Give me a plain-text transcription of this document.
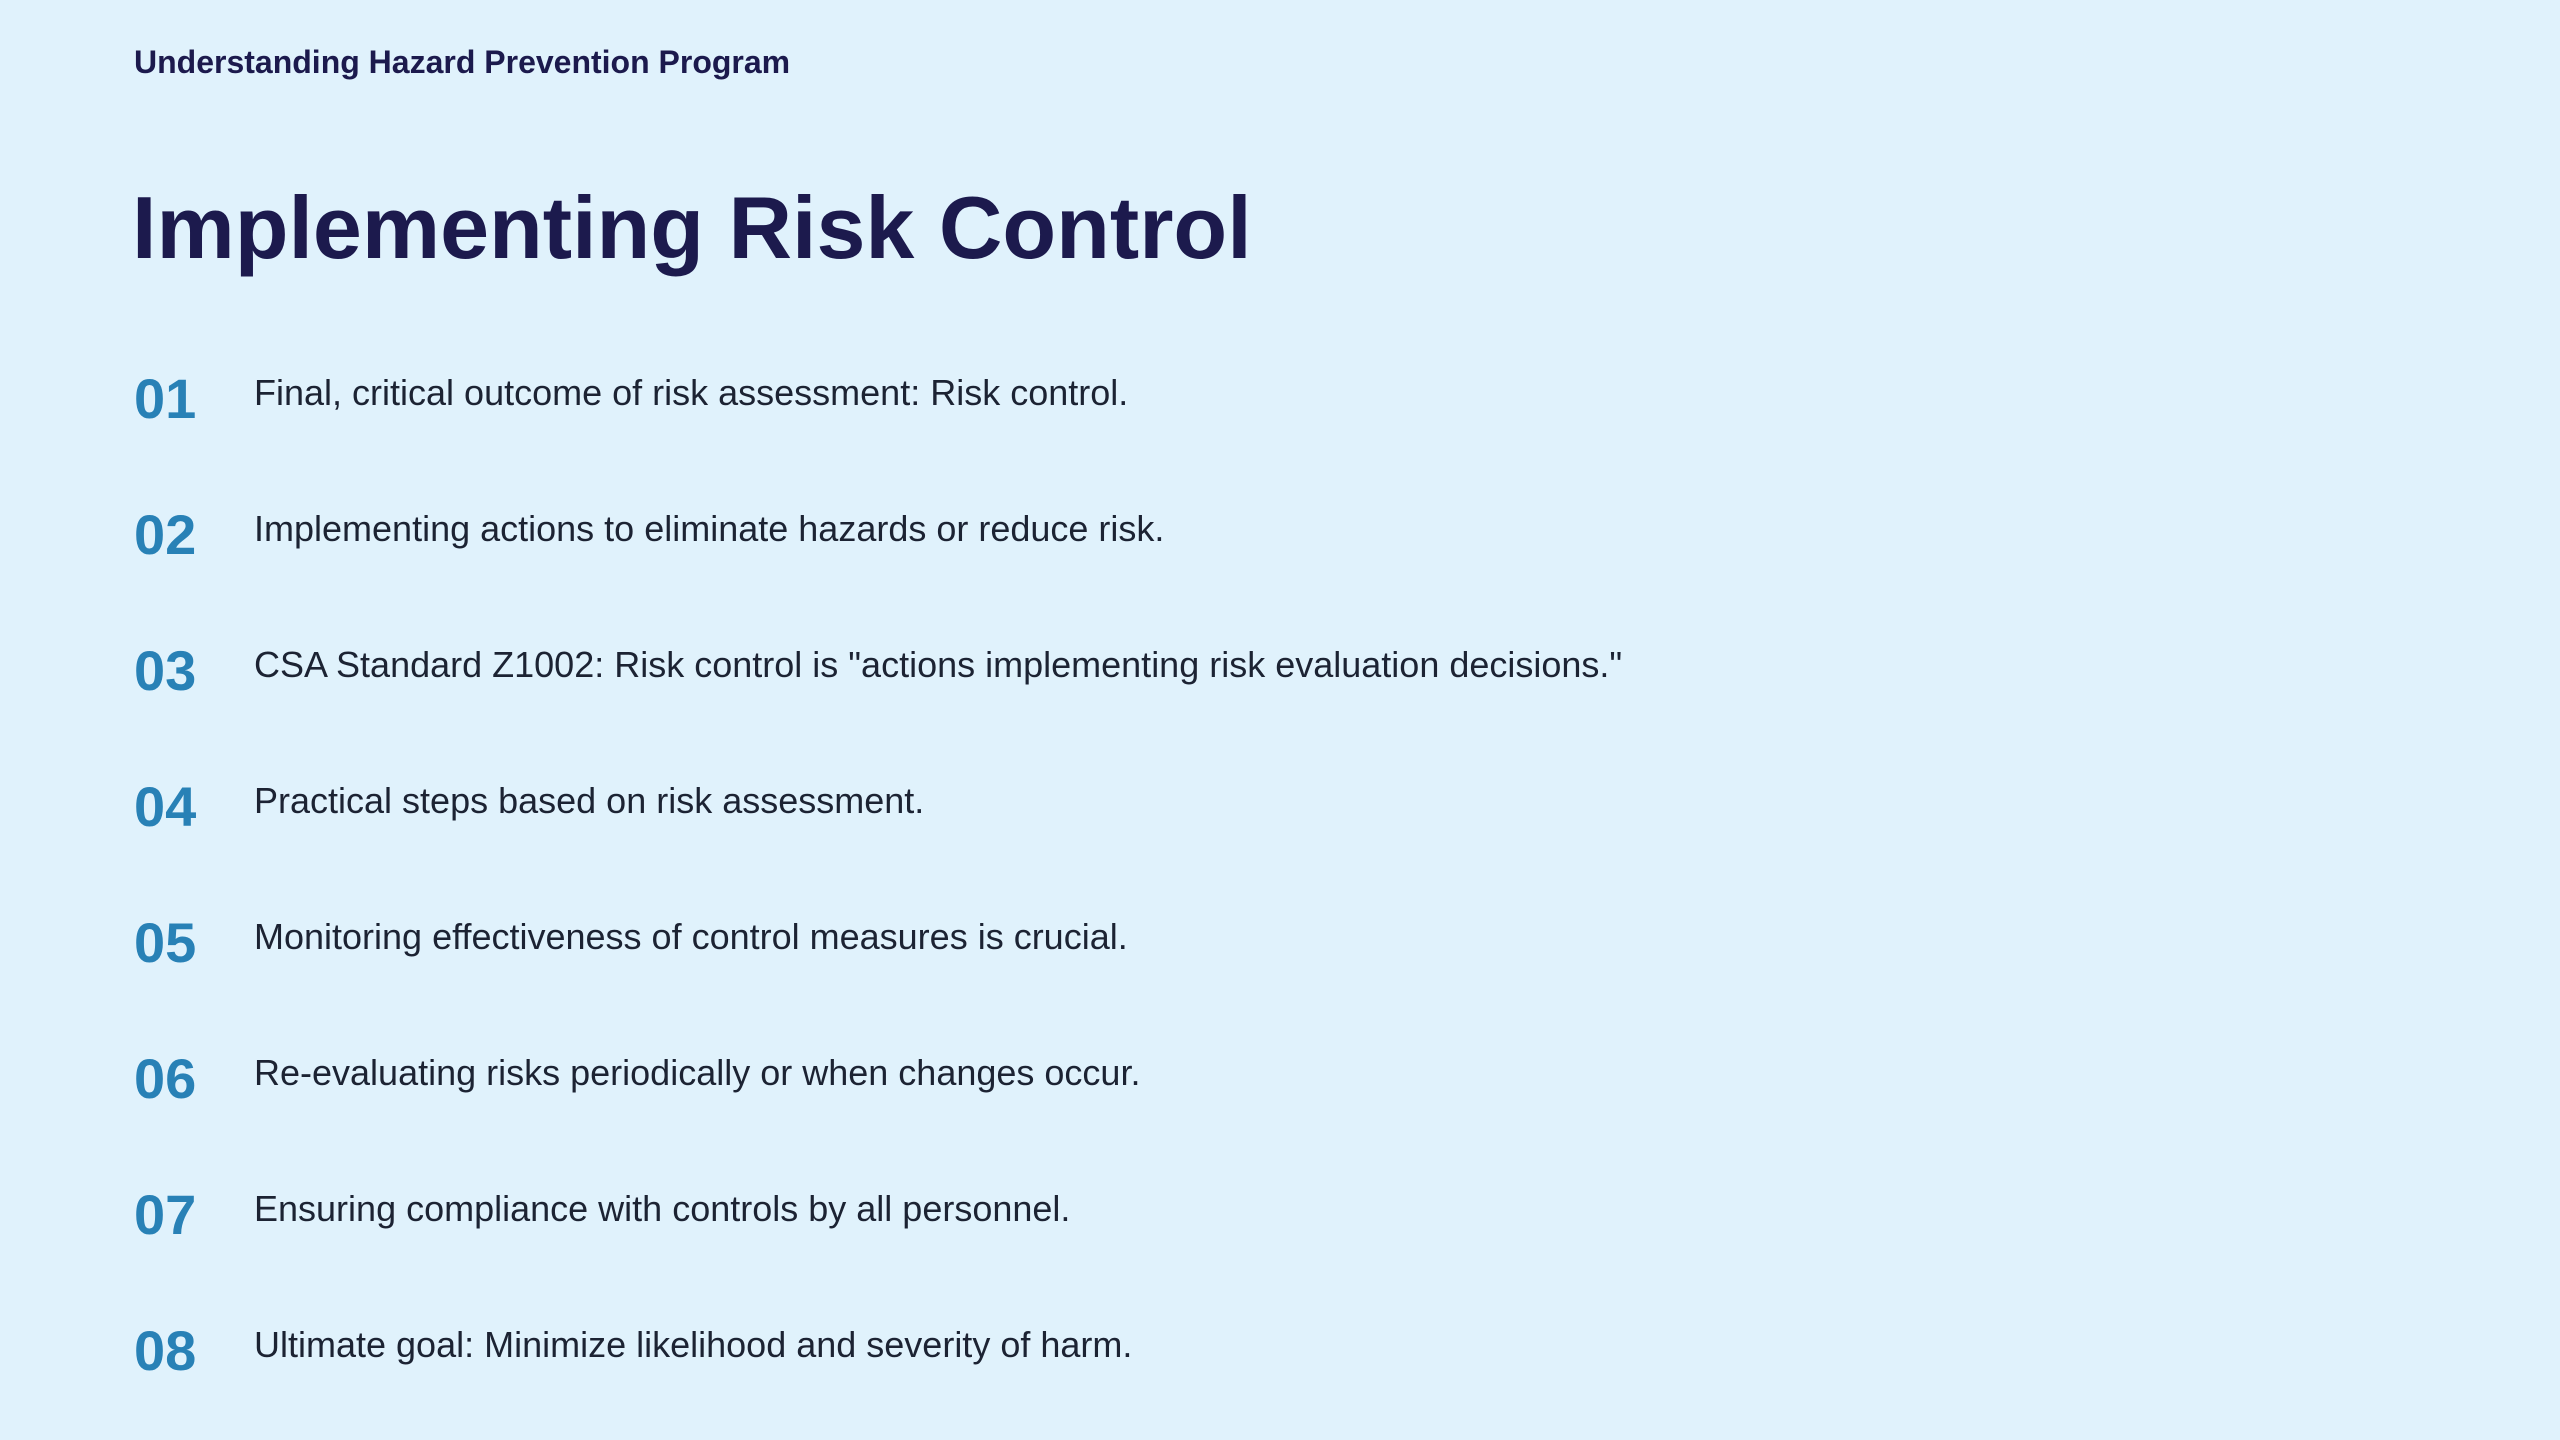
Understanding Hazard Prevention Program
Implementing Risk Control
01 Final, critical outcome of risk assessment: Risk control.
02 Implementing actions to eliminate hazards or reduce risk.
03 CSA Standard Z1002: Risk control is "actions implementing risk evaluation decisions."
04 Practical steps based on risk assessment.
05 Monitoring effectiveness of control measures is crucial.
06 Re-evaluating risks periodically or when changes occur.
07 Ensuring compliance with controls by all personnel.
08 Ultimate goal: Minimize likelihood and severity of harm.
